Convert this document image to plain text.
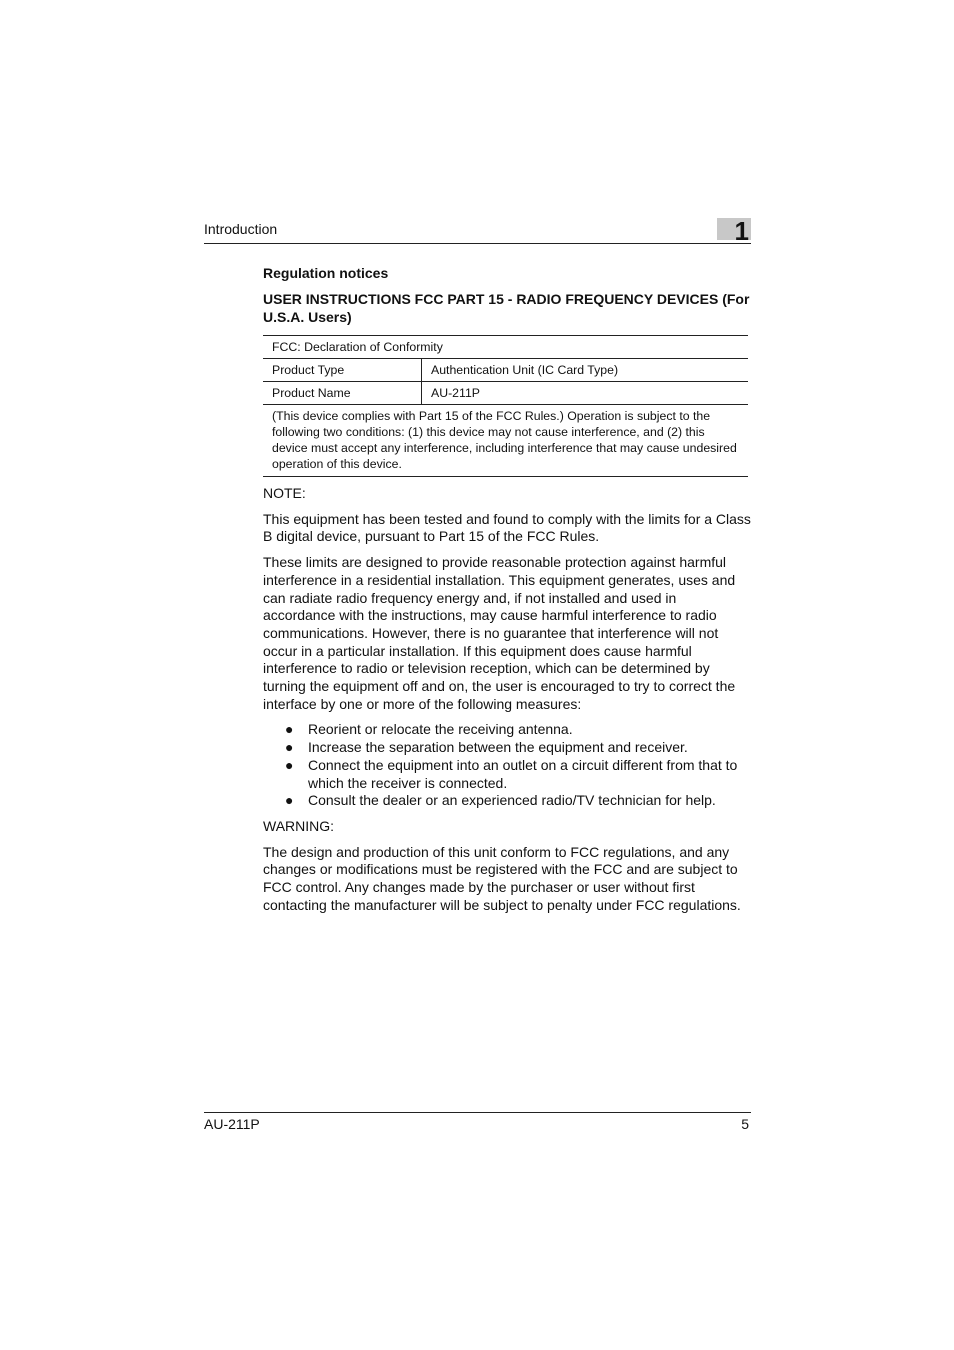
Introduction	1
Regulation notices
USER INSTRUCTIONS FCC PART 15 - RADIO FREQUENCY DEVICES (For U.S.A. Users)
FCC: Declaration of Conformity	
Product Type	Authentication Unit (IC Card Type)
Product Name	AU-211P
(This device complies with Part 15 of the FCC Rules.) Operation is subject to the following two conditions: (1) this device may not cause interference, and (2) this device must accept any interference, including interference that may cause undesired operation of this device.	

NOTE:

This equipment has been tested and found to comply with the limits for a Class B digital device, pursuant to Part 15 of the FCC Rules.

These limits are designed to provide reasonable protection against harmful interference in a residential installation. This equipment generates, uses and can radiate radio frequency energy and, if not installed and used in accordance with the instructions, may cause harmful interference to radio communications. However, there is no guarantee that interference will not occur in a particular installation. If this equipment does cause harmful interference to radio or television reception, which can be determined by turning the equipment off and on, the user is encouraged to try to correct the interface by one or more of the following measures:

● Reorient or relocate the receiving antenna.
● Increase the separation between the equipment and receiver.
● Connect the equipment into an outlet on a circuit different from that to which the receiver is connected.
● Consult the dealer or an experienced radio/TV technician for help.

WARNING:

The design and production of this unit conform to FCC regulations, and any changes or modifications must be registered with the FCC and are subject to FCC control. Any changes made by the purchaser or user without first contacting the manufacturer will be subject to penalty under FCC regulations.

AU-211P	5
